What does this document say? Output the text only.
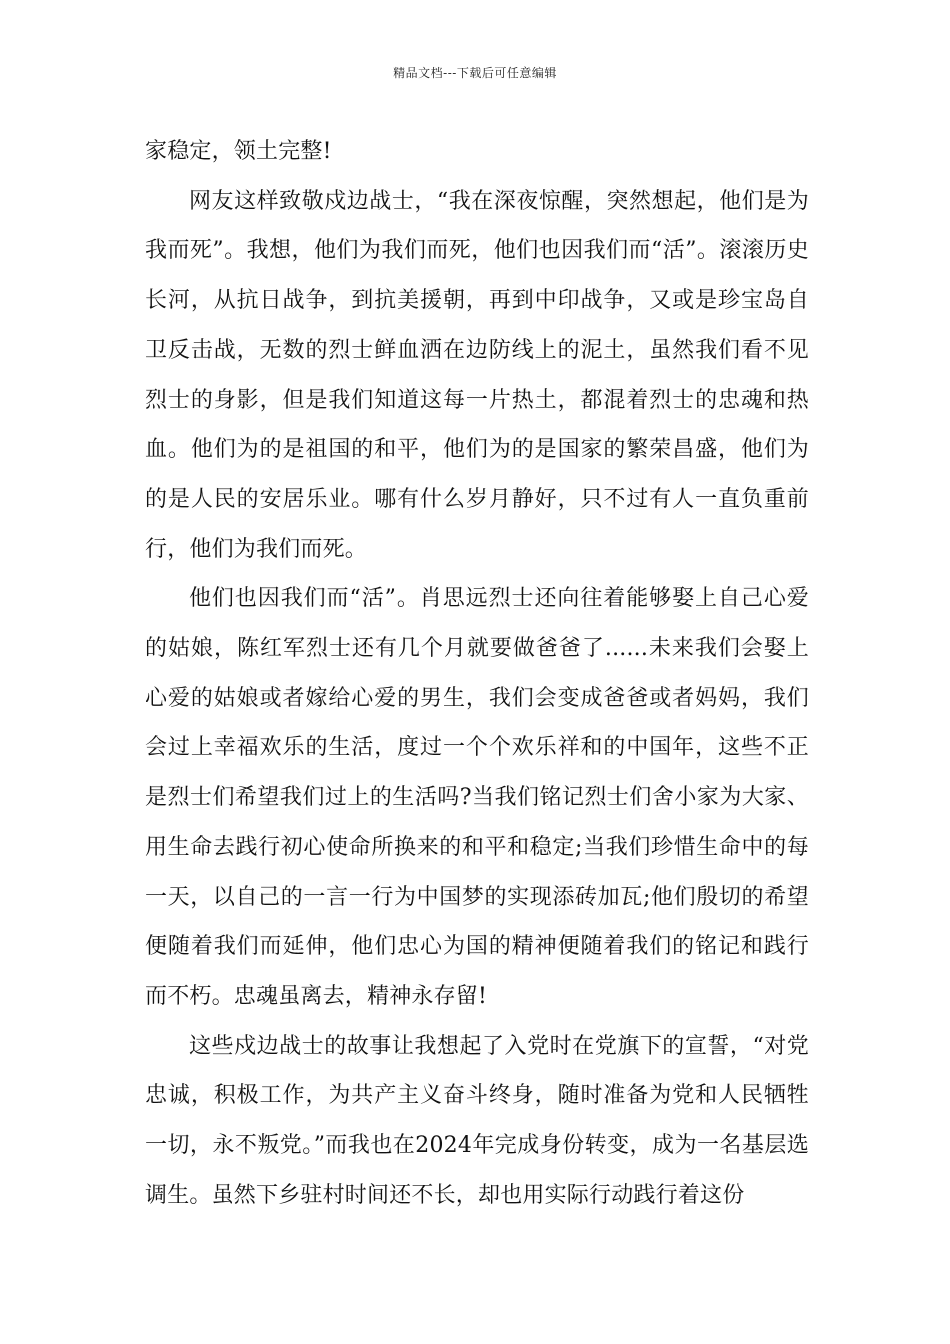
精品文档---下载后可任意编辑

家稳定，领土完整!

网友这样致敬戍边战士，“我在深夜惊醒，突然想起，他们是为我而死”。我想，他们为我们而死，他们也因我们而“活”。滚滚历史长河，从抗日战争，到抗美援朝，再到中印战争，又或是珍宝岛自卫反击战，无数的烈士鲜血洒在边防线上的泥土，虽然我们看不见烈士的身影，但是我们知道这每一片热土，都混着烈士的忠魂和热血。他们为的是祖国的和平，他们为的是国家的繁荣昌盛，他们为的是人民的安居乐业。哪有什么岁月静好，只不过有人一直负重前行，他们为我们而死。

他们也因我们而“活”。肖思远烈士还向往着能够娶上自己心爱的姑娘，陈红军烈士还有几个月就要做爸爸了......未来我们会娶上心爱的姑娘或者嫁给心爱的男生，我们会变成爸爸或者妈妈，我们会过上幸福欢乐的生活，度过一个个欢乐祥和的中国年，这些不正是烈士们希望我们过上的生活吗?当我们铭记烈士们舍小家为大家、用生命去践行初心使命所换来的和平和稳定;当我们珍惜生命中的每一天，以自己的一言一行为中国梦的实现添砖加瓦;他们殷切的希望便随着我们而延伸，他们忠心为国的精神便随着我们的铭记和践行而不朽。忠魂虽离去，精神永存留!

这些戍边战士的故事让我想起了入党时在党旗下的宣誓，“对党忠诚，积极工作，为共产主义奋斗终身，随时准备为党和人民牺牲一切，永不叛党。”而我也在2024年完成身份转变，成为一名基层选调生。虽然下乡驻村时间还不长，却也用实际行动践行着这份
